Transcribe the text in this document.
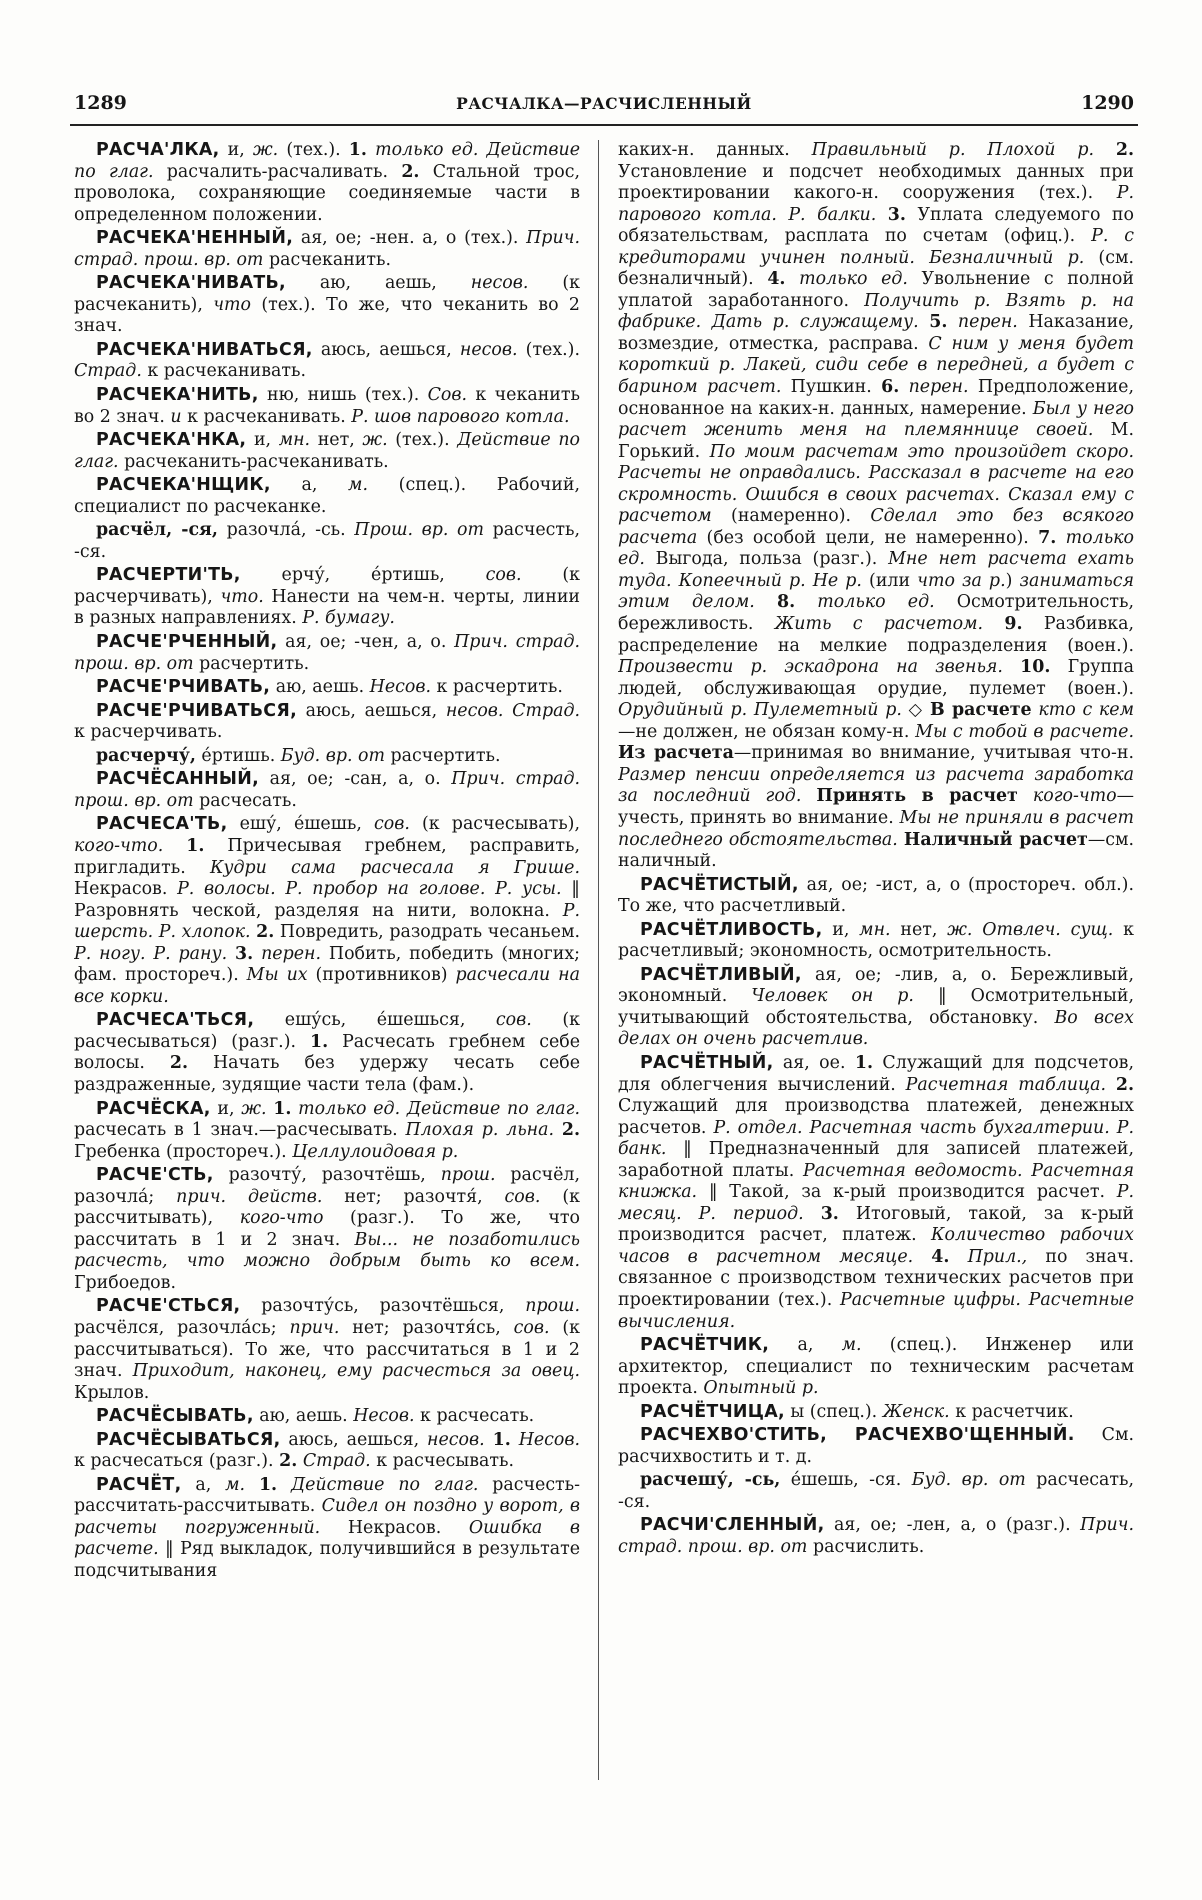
1289	РАСЧАЛКА—РАСЧИСЛЕННЫЙ	1290

РАСЧА'ЛКА, и, ж. (тех.). 1. только ед. Действие по глаг. расчалить-расчаливать. 2. Стальной трос, проволока, сохраняющие соединяемые части в определенном положении.

РАСЧЕКА'НЕННЫЙ, ая, ое; -нен. а, о (тех.). Прич. страд. прош. вр. от расчеканить.

РАСЧЕКА'НИВАТЬ, аю, аешь, несов. (к расчеканить), что (тех.). То же, что чеканить во 2 знач.

РАСЧЕКА'НИВАТЬСЯ, аюсь, аешься, несов. (тех.). Страд. к расчеканивать.

РАСЧЕКА'НИТЬ, ню, нишь (тех.). Сов. к чеканить во 2 знач. и к расчеканивать. Р. шов парового котла.

РАСЧЕКА'НКА, и, мн. нет, ж. (тех.). Действие по глаг. расчеканить-расчеканивать.

РАСЧЕКА'НЩИК, а, м. (спец.). Рабочий, специалист по расчеканке.

расчёл, -ся, разочла́, -сь. Прош. вр. от расчесть, -ся.

РАСЧЕРТИ'ТЬ, ерчу́, е́ртишь, сов. (к расчерчивать), что. Нанести на чем-н. черты, линии в разных направлениях. Р. бумагу.

РАСЧЕ'РЧЕННЫЙ, ая, ое; -чен, а, о. Прич. страд. прош. вр. от расчертить.

РАСЧЕ'РЧИВАТЬ, аю, аешь. Несов. к расчертить.

РАСЧЕ'РЧИВАТЬСЯ, аюсь, аешься, несов. Страд. к расчерчивать.

расчерчу́, е́ртишь. Буд. вр. от расчертить.

РАСЧЁСАННЫЙ, ая, ое; -сан, а, о. Прич. страд. прош. вр. от расчесать.

РАСЧЕСА'ТЬ, ешу́, е́шешь, сов. (к расчесывать), кого-что. 1. Причесывая гребнем, расправить, пригладить. Кудри сама расчесала я Грише. Некрасов. Р. волосы. Р. пробор на голове. Р. усы. ‖ Разровнять ческой, разделяя на нити, волокна. Р. шерсть. Р. хлопок. 2. Повредить, разодрать чесаньем. Р. ногу. Р. рану. 3. перен. Побить, победить (многих; фам. простореч.). Мы их (противников) расчесали на все корки.

РАСЧЕСА'ТЬСЯ, ешу́сь, е́шешься, сов. (к расчесываться) (разг.). 1. Расчесать гребнем себе волосы. 2. Начать без удержу чесать себе раздраженные, зудящие части тела (фам.).

РАСЧЁСКА, и, ж. 1. только ед. Действие по глаг. расчесать в 1 знач.—расчесывать. Плохая р. льна. 2. Гребенка (простореч.). Целлулоидовая р.

РАСЧЕ'СТЬ, разочту́, разочтёшь, прош. расчёл, разочла́; прич. действ. нет; разочтя́, сов. (к рассчитывать), кого-что (разг.). То же, что рассчитать в 1 и 2 знач. Вы... не позаботились расчесть, что можно добрым быть ко всем. Грибоедов.

РАСЧЕ'СТЬСЯ, разочту́сь, разочтёшься, прош. расчёлся, разочла́сь; прич. нет; разочтя́сь, сов. (к рассчитываться). То же, что рассчитаться в 1 и 2 знач. Приходит, наконец, ему расчесться за овец. Крылов.

РАСЧЁСЫВАТЬ, аю, аешь. Несов. к расчесать.

РАСЧЁСЫВАТЬСЯ, аюсь, аешься, несов. 1. Несов. к расчесаться (разг.). 2. Страд. к расчесывать.

РАСЧЁТ, а, м. 1. Действие по глаг. расчесть-рассчитать-рассчитывать. Сидел он поздно у ворот, в расчеты погруженный. Некрасов. Ошибка в расчете. ‖ Ряд выкладок, получившийся в результате подсчитывания

каких-н. данных. Правильный р. Плохой р. 2. Установление и подсчет необходимых данных при проектировании какого-н. сооружения (тех.). Р. парового котла. Р. балки. 3. Уплата следуемого по обязательствам, расплата по счетам (офиц.). Р. с кредиторами учинен полный. Безналичный р. (см. безналичный). 4. только ед. Увольнение с полной уплатой заработанного. Получить р. Взять р. на фабрике. Дать р. служащему. 5. перен. Наказание, возмездие, отместка, расправа. С ним у меня будет короткий р. Лакей, сиди себе в передней, а будет с барином расчет. Пушкин. 6. перен. Предположение, основанное на каких-н. данных, намерение. Был у него расчет женить меня на племяннице своей. М. Горький. По моим расчетам это произойдет скоро. Расчеты не оправдались. Рассказал в расчете на его скромность. Ошибся в своих расчетах. Сказал ему с расчетом (намеренно). Сделал это без всякого расчета (без особой цели, не намеренно). 7. только ед. Выгода, польза (разг.). Мне нет расчета ехать туда. Копеечный р. Не р. (или что за р.) заниматься этим делом. 8. только ед. Осмотрительность, бережливость. Жить с расчетом. 9. Разбивка, распределение на мелкие подразделения (воен.). Произвести р. эскадрона на звенья. 10. Группа людей, обслуживающая орудие, пулемет (воен.). Орудийный р. Пулеметный р. ◇ В расчете кто с кем—не должен, не обязан кому-н. Мы с тобой в расчете. Из расчета—принимая во внимание, учитывая что-н. Размер пенсии определяется из расчета заработка за последний год. Принять в расчет кого-что—учесть, принять во внимание. Мы не приняли в расчет последнего обстоятельства. Наличный расчет—см. наличный.

РАСЧЁТИСТЫЙ, ая, ое; -ист, а, о (простореч. обл.). То же, что расчетливый.

РАСЧЁТЛИВОСТЬ, и, мн. нет, ж. Отвлеч. сущ. к расчетливый; экономность, осмотрительность.

РАСЧЁТЛИВЫЙ, ая, ое; -лив, а, о. Бережливый, экономный. Человек он р. ‖ Осмотрительный, учитывающий обстоятельства, обстановку. Во всех делах он очень расчетлив.

РАСЧЁТНЫЙ, ая, ое. 1. Служащий для подсчетов, для облегчения вычислений. Расчетная таблица. 2. Служащий для производства платежей, денежных расчетов. Р. отдел. Расчетная часть бухгалтерии. Р. банк. ‖ Предназначенный для записей платежей, заработной платы. Расчетная ведомость. Расчетная книжка. ‖ Такой, за к-рый производится расчет. Р. месяц. Р. период. 3. Итоговый, такой, за к-рый производится расчет, платеж. Количество рабочих часов в расчетном месяце. 4. Прил., по знач. связанное с производством технических расчетов при проектировании (тех.). Расчетные цифры. Расчетные вычисления.

РАСЧЁТЧИК, а, м. (спец.). Инженер или архитектор, специалист по техническим расчетам проекта. Опытный р.

РАСЧЁТЧИЦА, ы (спец.). Женск. к расчетчик.

РАСЧЕХВО'СТИТЬ, РАСЧЕХВО'ЩЕННЫЙ. См. расчихвостить и т. д.

расчешу́, -сь, е́шешь, -ся. Буд. вр. от расчесать, -ся.

РАСЧИ'СЛЕННЫЙ, ая, ое; -лен, а, о (разг.). Прич. страд. прош. вр. от расчислить.
